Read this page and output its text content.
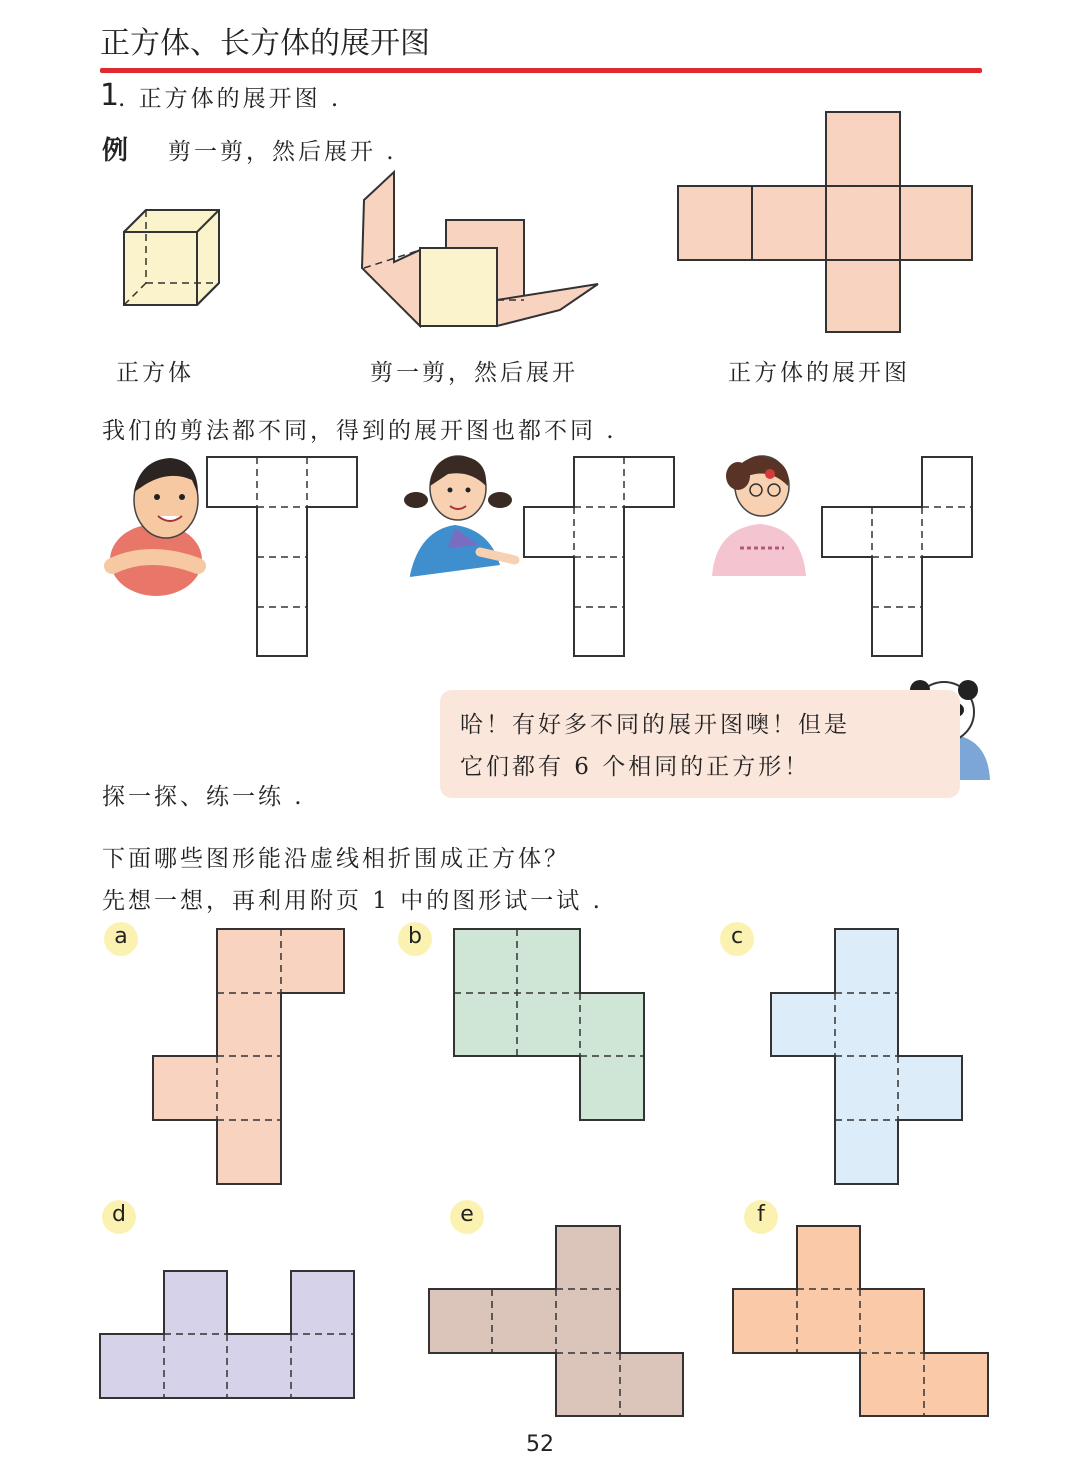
正方体、长方体的展开图
1
. 正方体的展开图 .
例 剪一剪，然后展开 .
正方体	剪一剪，然后展开	正方体的展开图
我们的剪法都不同，得到的展开图也都不同 .
哈！有好多不同的展开图噢！但是
它们都有 6 个相同的正方形！
探一探、练一练 .
下面哪些图形能沿虚线相折围成正方体？
先想一想，再利用附页 1 中的图形试一试 .
a	b	c
d	e	f
52
